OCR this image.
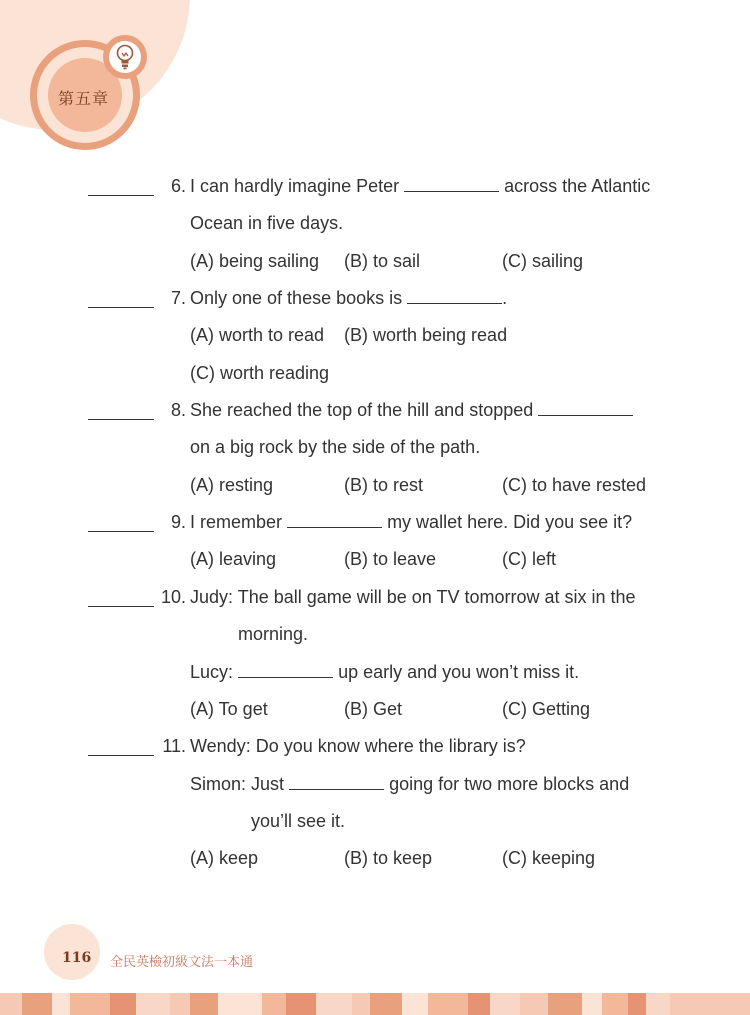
第五章
6. I can hardly imagine Peter	across the Atlantic
Ocean in five days.
(A) being sailing (B) to sail	(C) sailing
7. Only one of these books is	.
(A) worth to read (B) worth being read
(C) worth reading
8. She reached the top of the hill and stopped
on a big rock by the side of the path.
(A) resting	(B) to rest	(C) to have rested
9. I remember	my wallet here. Did you see it?
(A) leaving	(B) to leave	(C) left
10. Judy: The ball game will be on TV tomorrow at six in the
morning.
Lucy:	up early and you won’t miss it.
(A) To get	(B) Get	(C) Getting
11. Wendy: Do you know where the library is?
Simon: Just	going for two more blocks and
you’ll see it.
(A) keep	(B) to keep	(C) keeping
116 全民英檢初級文法一本通
